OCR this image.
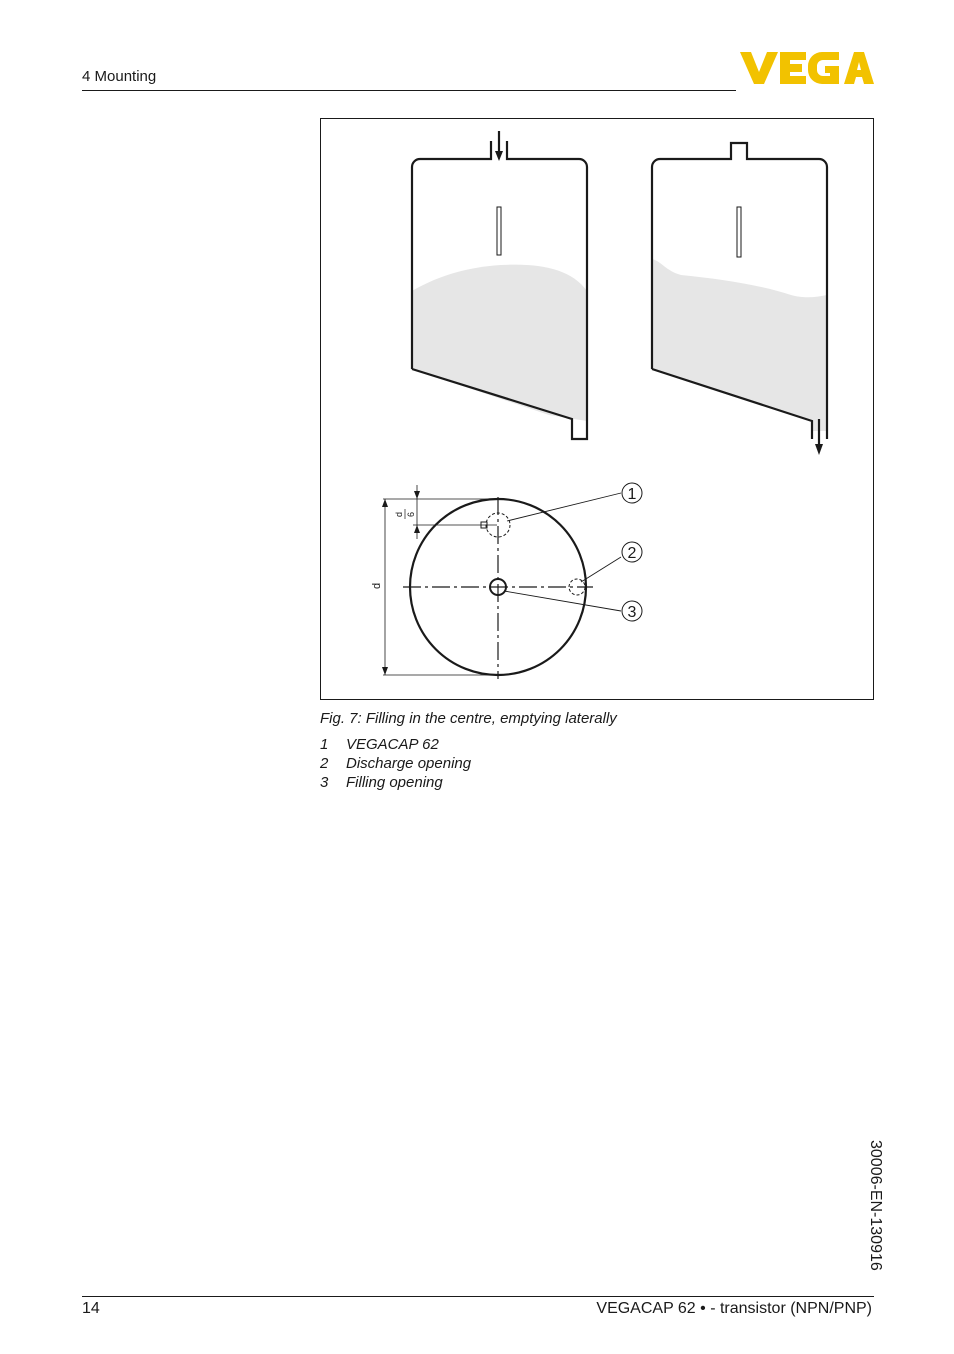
4 Mounting
d
d 6
1
2
3
Fig. 7: Filling in the centre, emptying laterally
1 VEGACAP 62
2 Discharge opening
3 Filling opening
30006-EN-130916
14	VEGACAP 62 • - transistor (NPN/PNP)
